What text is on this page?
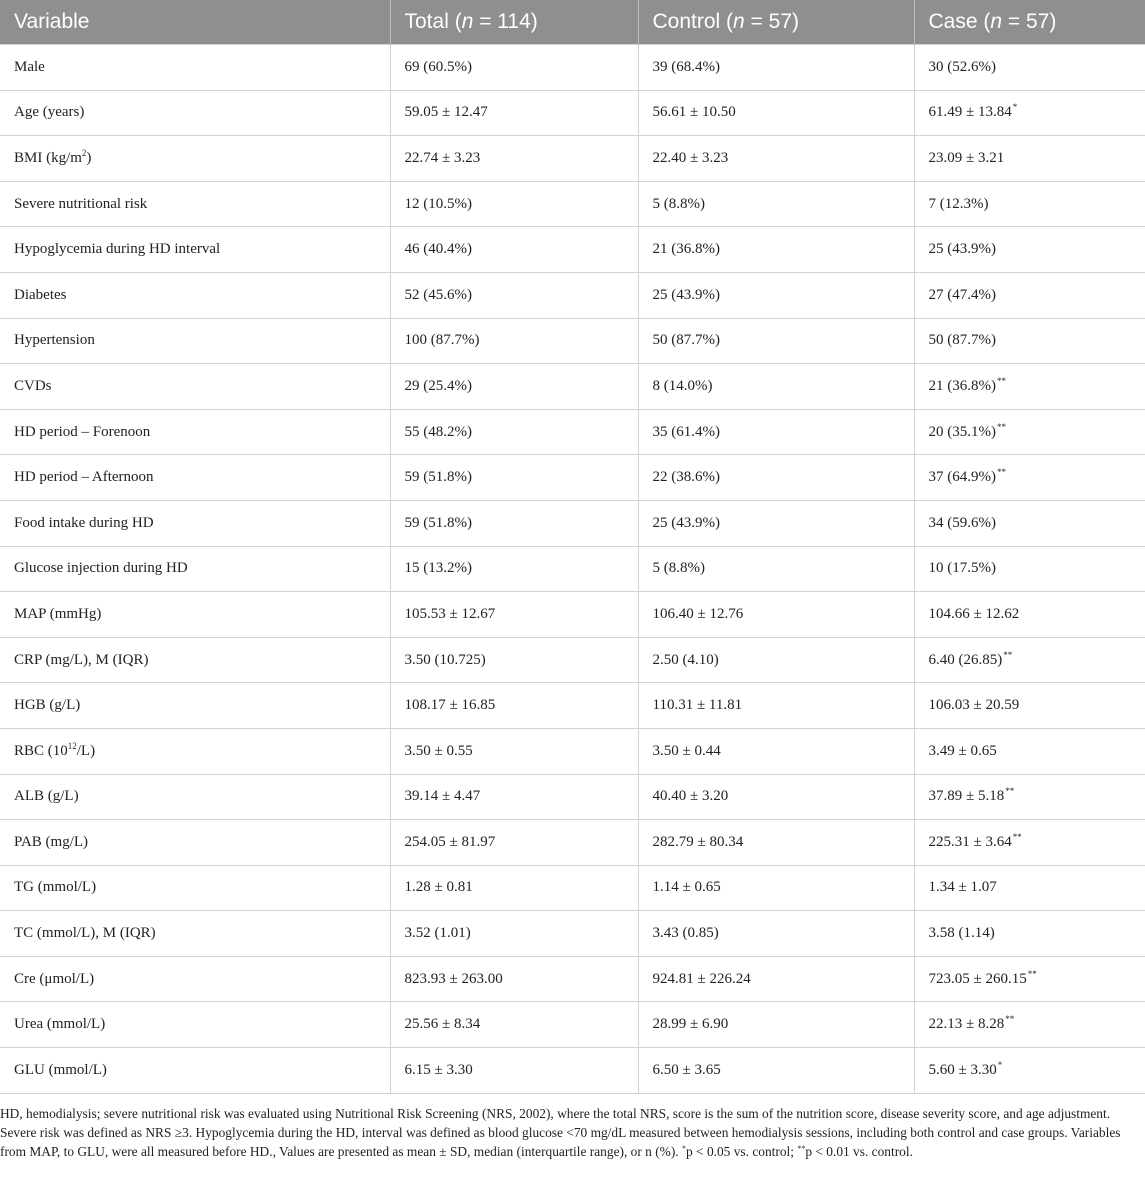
Variable	Total (n = 114)	Control (n = 57)	Case (n = 57)
Male	69 (60.5%)	39 (68.4%)	30 (52.6%)
Age (years)	59.05 ± 12.47	56.61 ± 10.50	61.49 ± 13.84*
BMI $(kg/m^2)$	22.74 ± 3.23	22.40 ± 3.23	23.09 ± 3.21
Severe nutritional risk	12 (10.5%)	5 (8.8%)	7 (12.3%)
Hypoglycemia during HD interval	46 (40.4%)	21 (36.8%)	25 (43.9%)
Diabetes	52 (45.6%)	25 (43.9%)	27 (47.4%)
Hypertension	100 (87.7%)	50 (87.7%)	50 (87.7%)
CVDs	29 (25.4%)	8 (14.0%)	21 (36.8%)**
HD period – Forenoon	55 (48.2%)	35 (61.4%)	20 (35.1%)**
HD period – Afternoon	59 (51.8%)	22 (38.6%)	37 (64.9%)**
Food intake during HD	59 (51.8%)	25 (43.9%)	34 (59.6%)
Glucose injection during HD	15 (13.2%)	5 (8.8%)	10 (17.5%)
MAP (mmHg)	105.53 ± 12.67	106.40 ± 12.76	104.66 ± 12.62
CRP (mg/L), M (IQR)	3.50 (10.725)	2.50 (4.10)	6.40 (26.85)**
HGB (g/L)	108.17 ± 16.85	110.31 ± 11.81	106.03 ± 20.59
RBC $(10^{12}/L)$	3.50 ± 0.55	3.50 ± 0.44	3.49 ± 0.65
ALB (g/L)	39.14 ± 4.47	40.40 ± 3.20	37.89 ± 5.18**
PAB (mg/L)	254.05 ± 81.97	282.79 ± 80.34	225.31 ± 3.64**
TG (mmol/L)	1.28 ± 0.81	1.14 ± 0.65	1.34 ± 1.07
TC (mmol/L), M (IQR)	3.52 (1.01)	3.43 (0.85)	3.58 (1.14)
Cre (μmol/L)	823.93 ± 263.00	924.81 ± 226.24	723.05 ± 260.15**
Urea (mmol/L)	25.56 ± 8.34	28.99 ± 6.90	22.13 ± 8.28**
GLU (mmol/L)	6.15 ± 3.30	6.50 ± 3.65	5.60 ± 3.30*
HD, hemodialysis; severe nutritional risk was evaluated using Nutritional Risk Screening (NRS, 2002), where the total NRS, score is the sum of the nutrition score, disease severity score, and age adjustment. Severe risk was defined as NRS ≥3. Hypoglycemia during the HD, interval was defined as blood glucose <70 mg/dL measured between hemodialysis sessions, including both control and case groups. Variables from MAP, to GLU, were all measured before HD., Values are presented as mean ± SD, median (interquartile range), or n (%). *p < 0.05 vs. control; **p < 0.01 vs. control.
